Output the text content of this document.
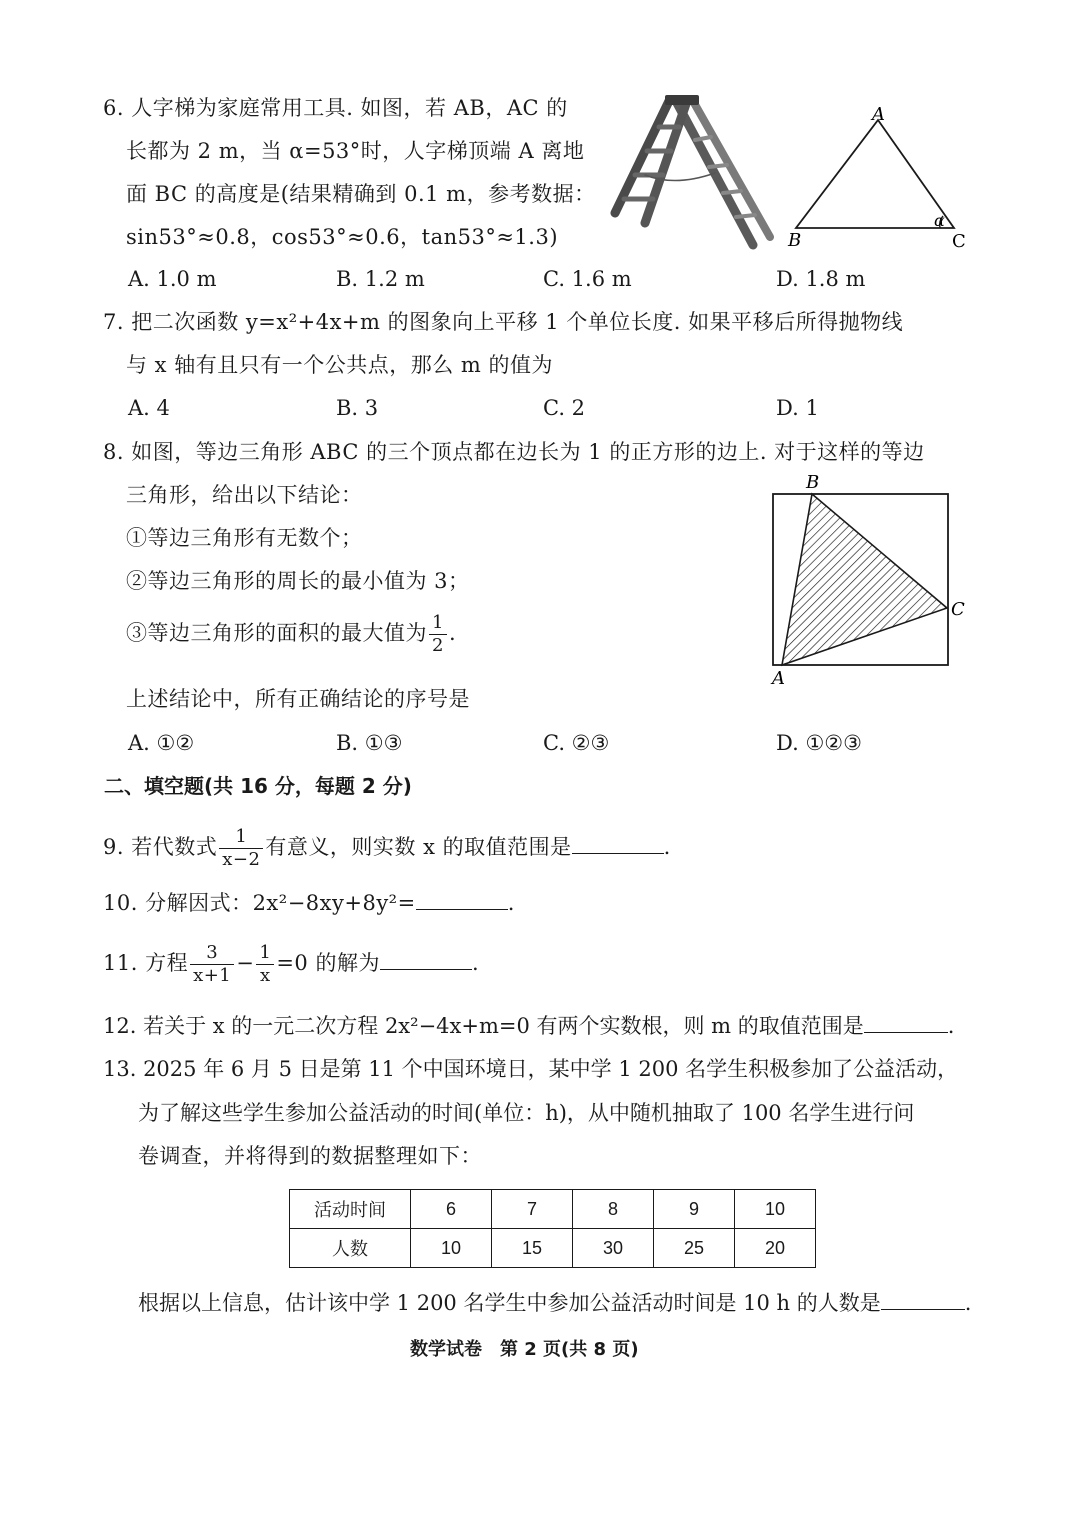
6. 人字梯为家庭常用工具. 如图，若 AB，AC 的
长都为 2 m，当 α=53°时，人字梯顶端 A 离地
面 BC 的高度是(结果精确到 0.1 m，参考数据：
sin53°≈0.8，cos53°≈0.6，tan53°≈1.3)
A. 1.0 m	B. 1.2 m	C. 1.6 m	D. 1.8 m
A
B	C
α
7. 把二次函数 y=x²+4x+m 的图象向上平移 1 个单位长度. 如果平移后所得抛物线
与 x 轴有且只有一个公共点，那么 m 的值为
A. 4	B. 3	C. 2	D. 1
8. 如图，等边三角形 ABC 的三个顶点都在边长为 1 的正方形的边上. 对于这样的等边
三角形，给出以下结论：
①等边三角形有无数个；
②等边三角形的周长的最小值为 3；
③等边三角形的面积的最大值为 $\frac{1}{2}$ .
上述结论中，所有正确结论的序号是
A. ①②	B. ①③	C. ②③	D. ①②③
B
C
A
二、填空题(共 16 分，每题 2 分)
9. 若代数式 $\frac{1}{x-2}$ 有意义，则实数 x 的取值范围是	.
10. 分解因式：2x²−8xy+8y²=	.
11. 方程 $\frac{3}{x+1} - \frac{1}{x} =0$ 的解为	.
12. 若关于 x 的一元二次方程 2x²−4x+m=0 有两个实数根，则 m 的取值范围是	.
13. 2025 年 6 月 5 日是第 11 个中国环境日，某中学 1 200 名学生积极参加了公益活动，
为了解这些学生参加公益活动的时间(单位：h)，从中随机抽取了 100 名学生进行问
卷调查，并将得到的数据整理如下：
活动时间	6	7	8	9	10
人数	10	15	30	25	20
根据以上信息，估计该中学 1 200 名学生中参加公益活动时间是 10 h 的人数是	.
数学试卷　第 2 页(共 8 页)
